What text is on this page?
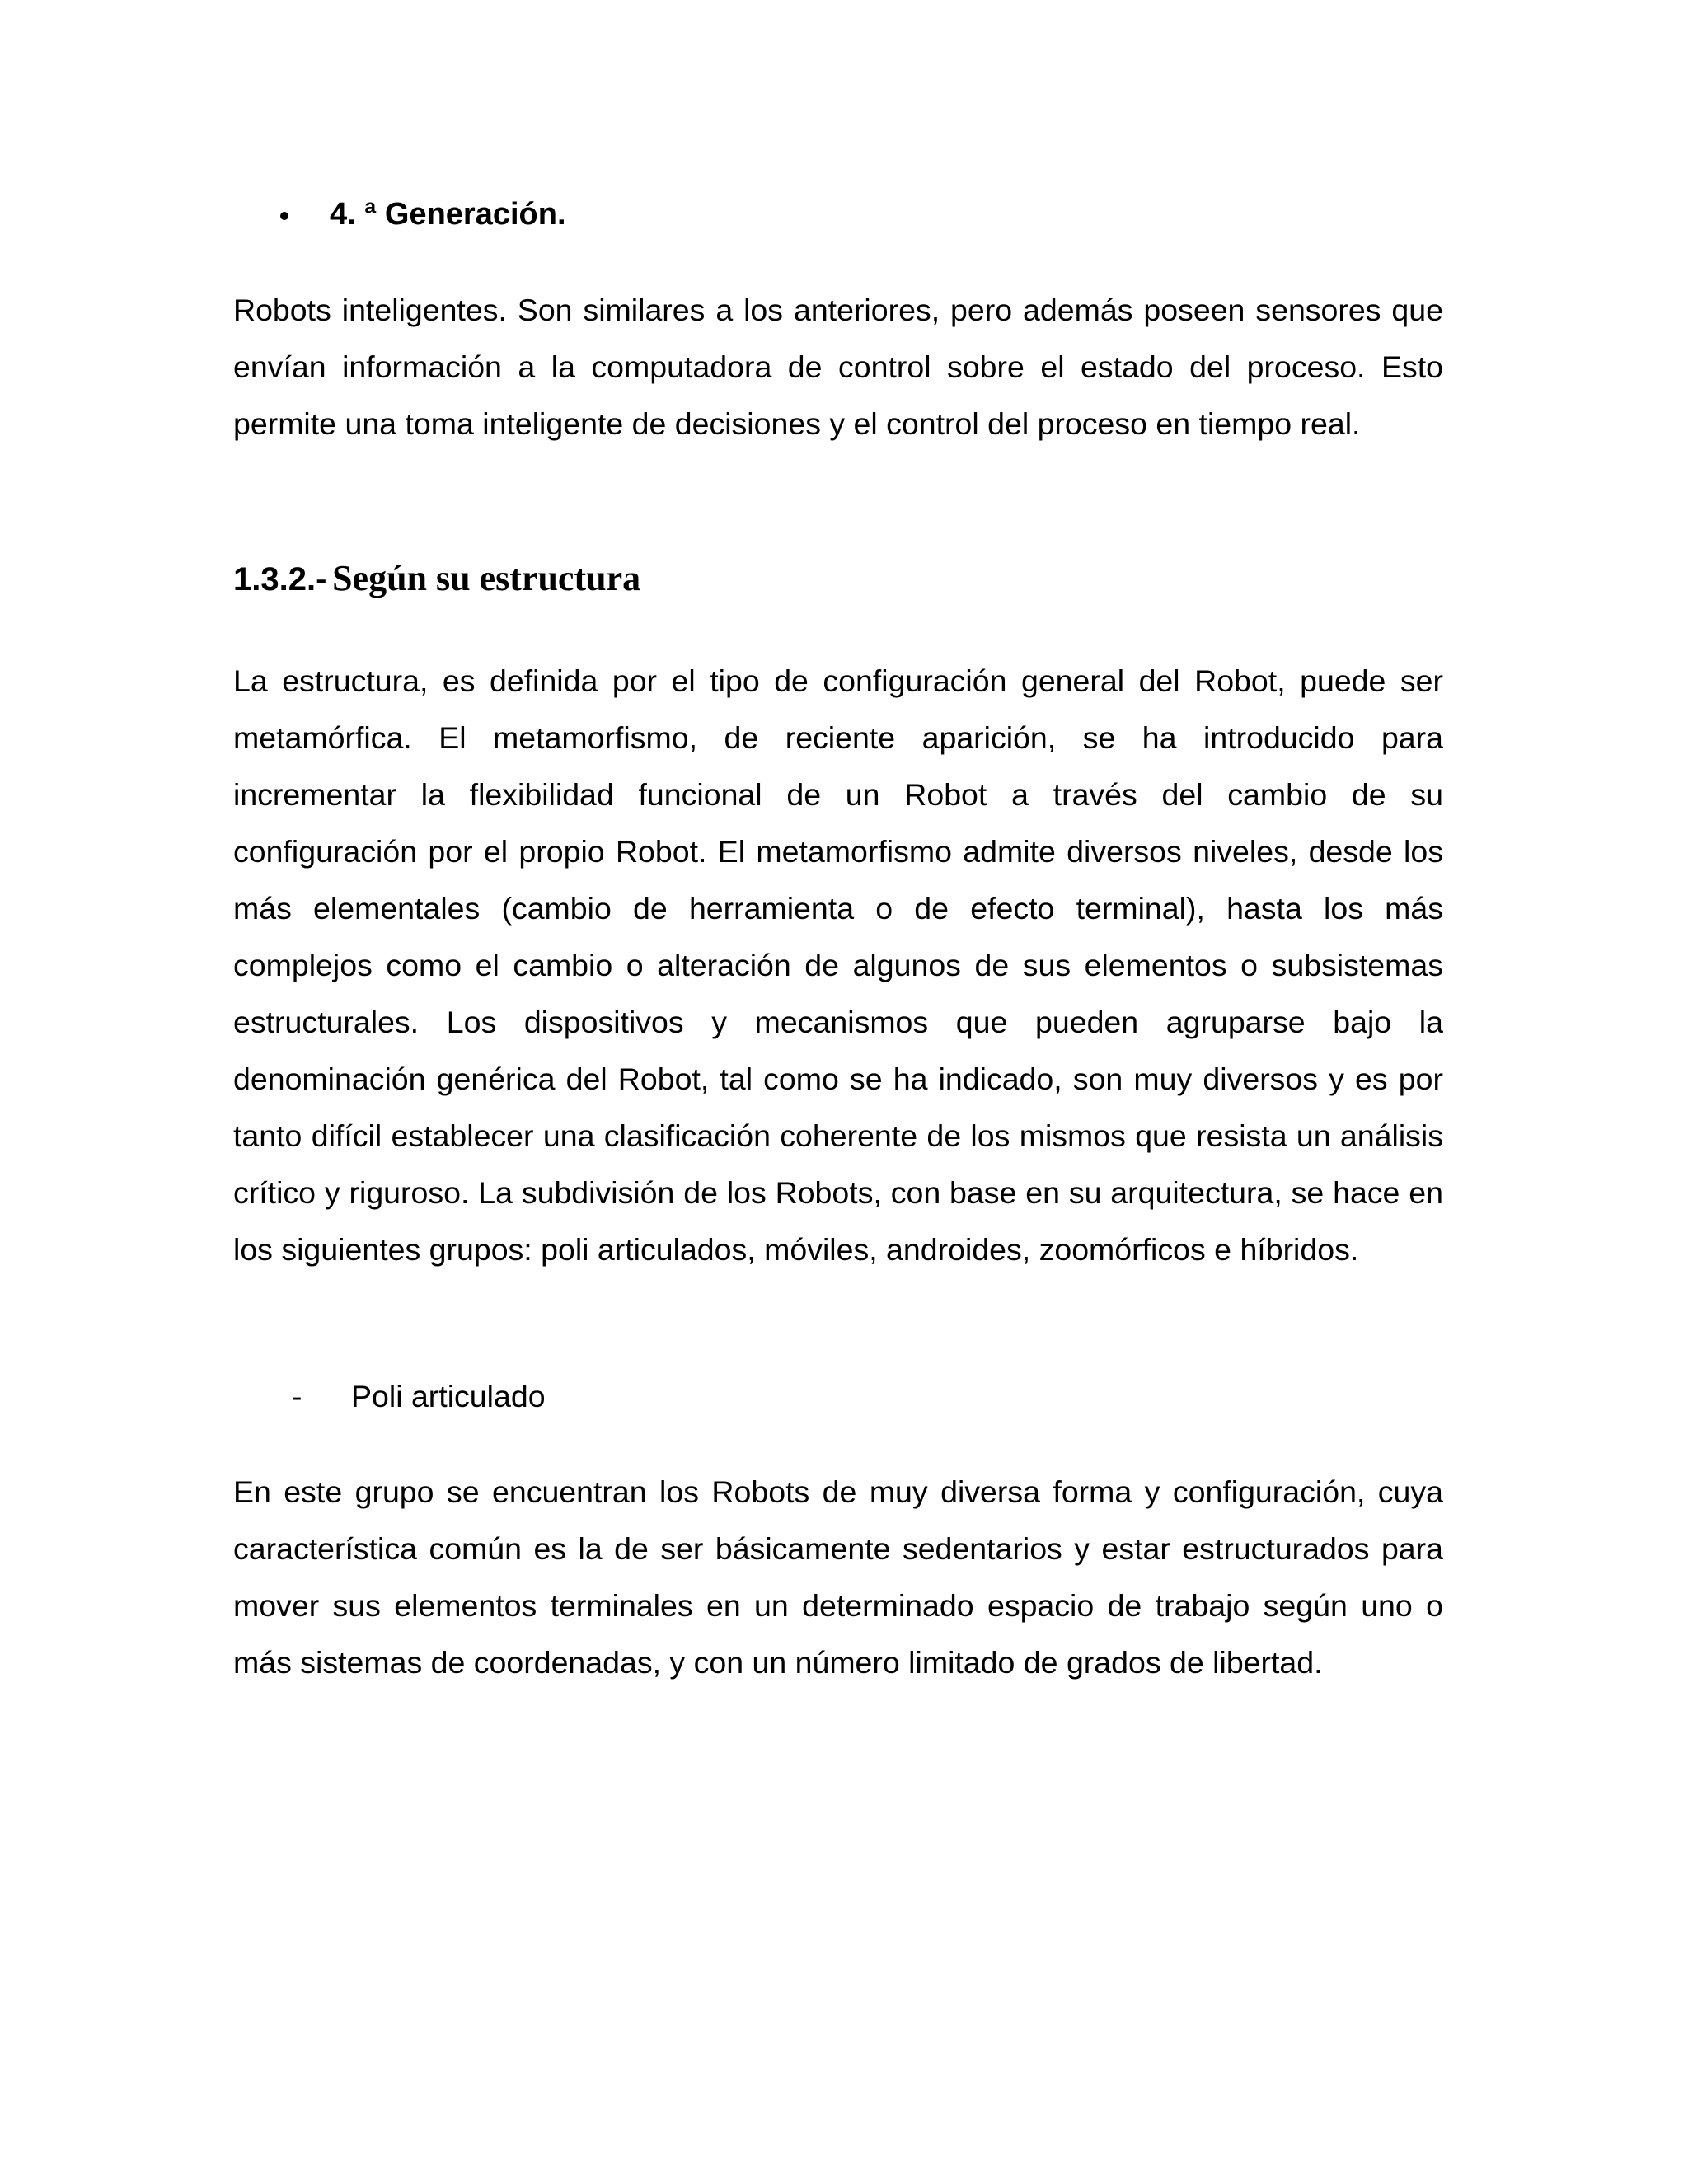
4. ª Generación.

Robots inteligentes. Son similares a los anteriores, pero además poseen sensores que envían información a la computadora de control sobre el estado del proceso. Esto permite una toma inteligente de decisiones y el control del proceso en tiempo real.

1.3.2.- Según su estructura

La estructura, es definida por el tipo de configuración general del Robot, puede ser metamórfica. El metamorfismo, de reciente aparición, se ha introducido para incrementar la flexibilidad funcional de un Robot a través del cambio de su configuración por el propio Robot. El metamorfismo admite diversos niveles, desde los más elementales (cambio de herramienta o de efecto terminal), hasta los más complejos como el cambio o alteración de algunos de sus elementos o subsistemas estructurales. Los dispositivos y mecanismos que pueden agruparse bajo la denominación genérica del Robot, tal como se ha indicado, son muy diversos y es por tanto difícil establecer una clasificación coherente de los mismos que resista un análisis crítico y riguroso. La subdivisión de los Robots, con base en su arquitectura, se hace en los siguientes grupos: poli articulados, móviles, androides, zoomórficos e híbridos.

-	Poli articulado

En este grupo se encuentran los Robots de muy diversa forma y configuración, cuya característica común es la de ser básicamente sedentarios y estar estructurados para mover sus elementos terminales en un determinado espacio de trabajo según uno o más sistemas de coordenadas, y con un número limitado de grados de libertad.
